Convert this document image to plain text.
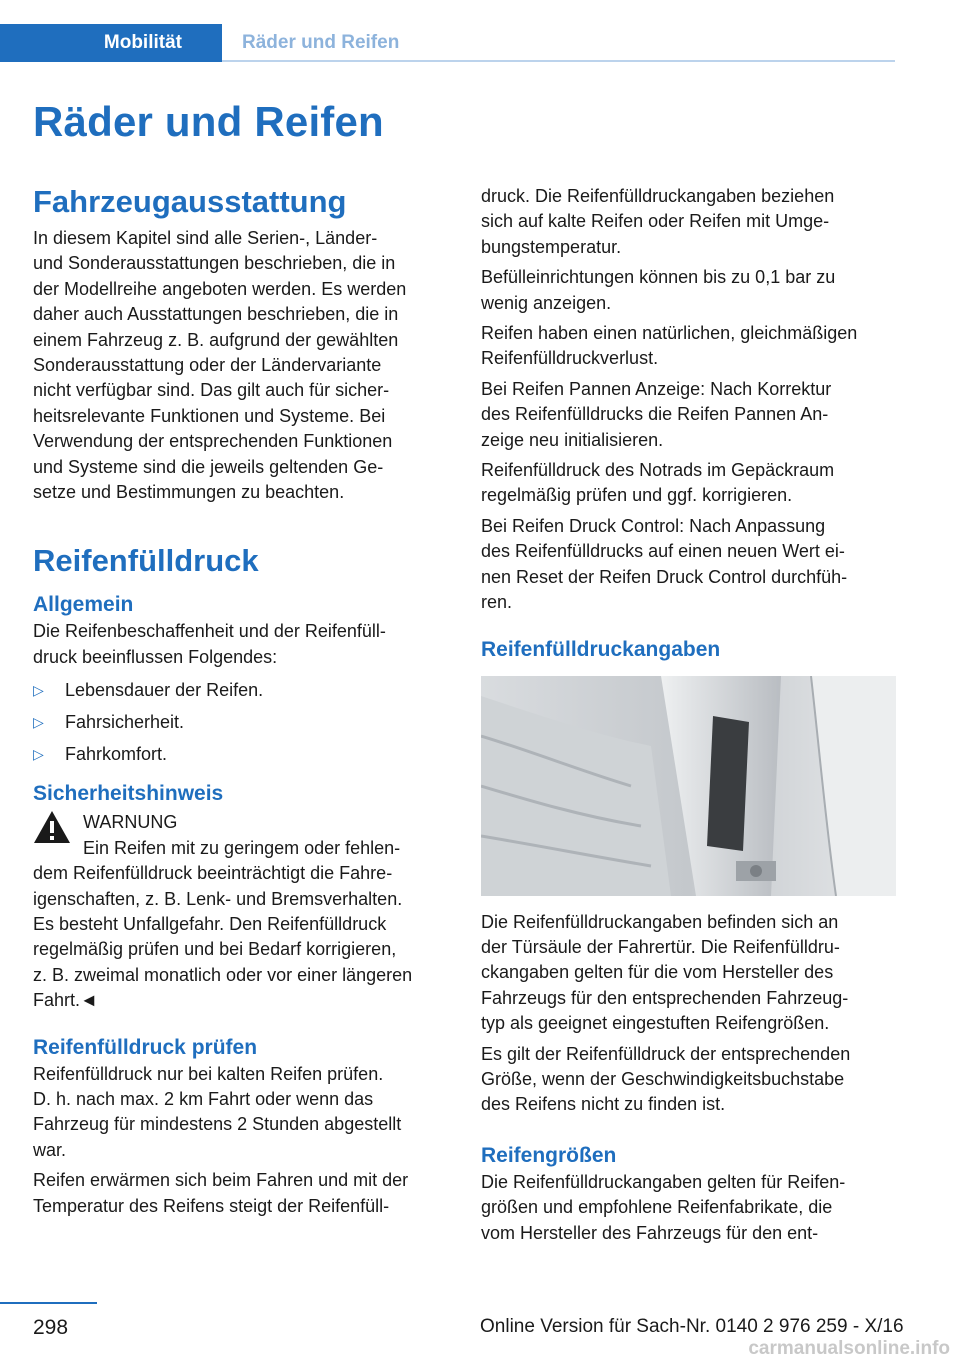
Mobilität	Räder und Reifen
Räder und Reifen
Fahrzeugausstattung

In diesem Kapitel sind alle Serien-, Länder-
und Sonderausstattungen beschrieben, die in
der Modellreihe angeboten werden. Es werden
daher auch Ausstattungen beschrieben, die in
einem Fahrzeug z. B. aufgrund der gewählten
Sonderausstattung oder der Ländervariante
nicht verfügbar sind. Das gilt auch für sicher-
heitsrelevante Funktionen und Systeme. Bei
Verwendung der entsprechenden Funktionen
und Systeme sind die jeweils geltenden Ge-
setze und Bestimmungen zu beachten.

Reifenfülldruck
Allgemein

Die Reifenbeschaffenheit und der Reifenfüll-
druck beeinflussen Folgendes:

▷ Lebensdauer der Reifen.
▷ Fahrsicherheit.
▷ Fahrkomfort.
Sicherheitshinweis

WARNUNG

Ein Reifen mit zu geringem oder fehlen-

dem Reifenfülldruck beeinträchtigt die Fahre-
igenschaften, z. B. Lenk- und Bremsverhalten.
Es besteht Unfallgefahr. Den Reifenfülldruck
regelmäßig prüfen und bei Bedarf korrigieren,
z. B. zweimal monatlich oder vor einer längeren
Fahrt.◄

Reifenfülldruck prüfen

Reifenfülldruck nur bei kalten Reifen prüfen.
D. h. nach max. 2 km Fahrt oder wenn das
Fahrzeug für mindestens 2 Stunden abgestellt
war.

Reifen erwärmen sich beim Fahren und mit der
Temperatur des Reifens steigt der Reifenfüll-

druck. Die Reifenfülldruckangaben beziehen
sich auf kalte Reifen oder Reifen mit Umge-
bungstemperatur.

Befülleinrichtungen können bis zu 0,1 bar zu
wenig anzeigen.

Reifen haben einen natürlichen, gleichmäßigen
Reifenfülldruckverlust.

Bei Reifen Pannen Anzeige: Nach Korrektur
des Reifenfülldrucks die Reifen Pannen An-
zeige neu initialisieren.

Reifenfülldruck des Notrads im Gepäckraum
regelmäßig prüfen und ggf. korrigieren.

Bei Reifen Druck Control: Nach Anpassung
des Reifenfülldrucks auf einen neuen Wert ei-
nen Reset der Reifen Druck Control durchfüh-
ren.

Reifenfülldruckangaben

Die Reifenfülldruckangaben befinden sich an
der Türsäule der Fahrertür. Die Reifenfülldru-
ckangaben gelten für die vom Hersteller des
Fahrzeugs für den entsprechenden Fahrzeug-
typ als geeignet eingestuften Reifengrößen.

Es gilt der Reifenfülldruck der entsprechenden
Größe, wenn der Geschwindigkeitsbuchstabe
des Reifens nicht zu finden ist.

Reifengrößen

Die Reifenfülldruckangaben gelten für Reifen-
größen und empfohlene Reifenfabrikate, die
vom Hersteller des Fahrzeugs für den ent-

298	Online Version für Sach-Nr. 0140 2 976 259 - X/16
carmanualsonline.info
